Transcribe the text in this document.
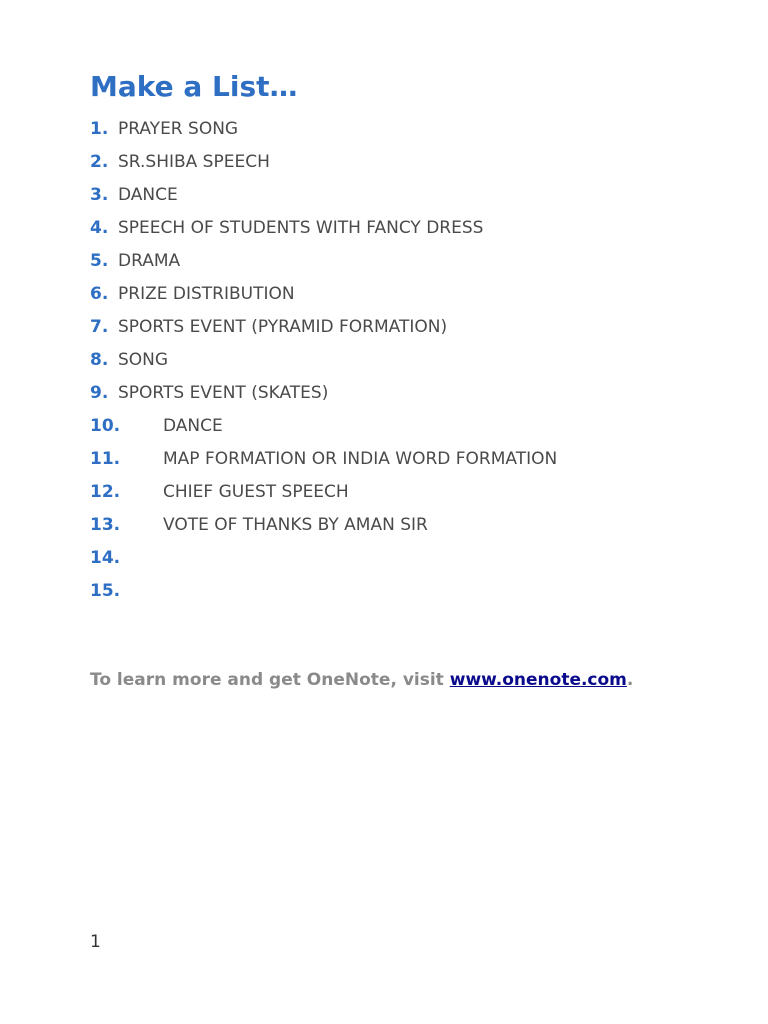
Make a List…
1. PRAYER SONG
2. SR.SHIBA SPEECH
3. DANCE
4. SPEECH OF STUDENTS WITH FANCY DRESS
5. DRAMA
6. PRIZE DISTRIBUTION
7. SPORTS EVENT (PYRAMID FORMATION)
8. SONG
9. SPORTS EVENT (SKATES)
10.	DANCE
11.	MAP FORMATION OR INDIA WORD FORMATION
12.	CHIEF GUEST SPEECH
13.	VOTE OF THANKS BY AMAN SIR
14.
15.

To learn more and get OneNote, visit www.onenote.com.

1
